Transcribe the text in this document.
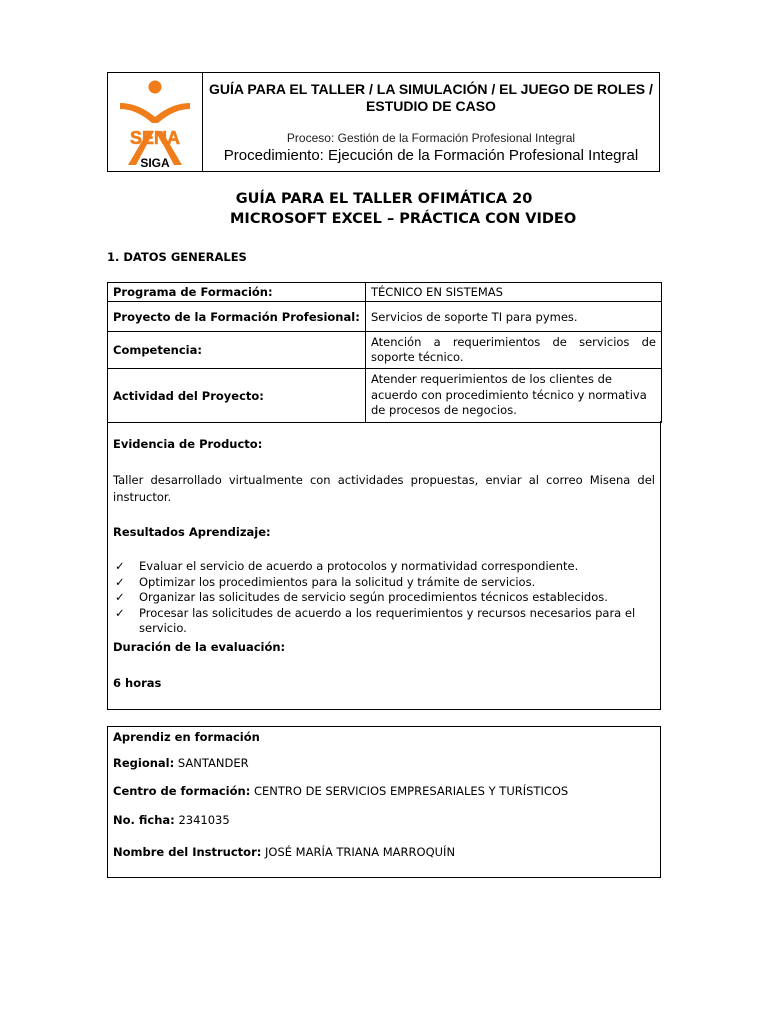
SENA
SIGA
GUÍA PARA EL TALLER / LA SIMULACIÓN / EL JUEGO DE ROLES / ESTUDIO DE CASO
Proceso: Gestión de la Formación Profesional Integral
Procedimiento: Ejecución de la Formación Profesional Integral
GUÍA PARA EL TALLER OFIMÁTICA 20
MICROSOFT EXCEL – PRÁCTICA CON VIDEO
1. DATOS GENERALES
Programa de Formación:	TÉCNICO EN SISTEMAS
Proyecto de la Formación Profesional:	Servicios de soporte TI para pymes.
Competencia:	Atención a requerimientos de servicios de soporte técnico.
Actividad del Proyecto:	Atender requerimientos de los clientes de acuerdo con procedimiento técnico y normativa de procesos de negocios.
Evidencia de Producto:
Taller desarrollado virtualmente con actividades propuestas, enviar al correo Misena del instructor.
Resultados Aprendizaje:
✓ Evaluar el servicio de acuerdo a protocolos y normatividad correspondiente.
✓ Optimizar los procedimientos para la solicitud y trámite de servicios.
✓ Organizar las solicitudes de servicio según procedimientos técnicos establecidos.
✓ Procesar las solicitudes de acuerdo a los requerimientos y recursos necesarios para el servicio.
Duración de la evaluación:
6 horas
Aprendiz en formación
Regional: SANTANDER
Centro de formación: CENTRO DE SERVICIOS EMPRESARIALES Y TURÍSTICOS
No. ficha: 2341035
Nombre del Instructor: JOSÉ MARÍA TRIANA MARROQUÍN
